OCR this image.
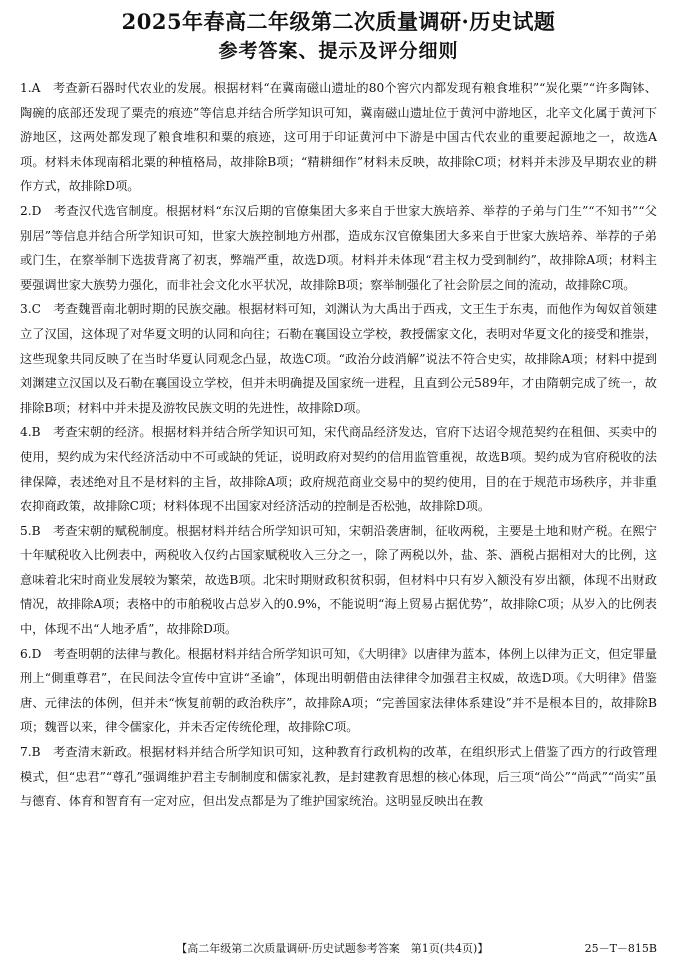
2025年春高二年级第二次质量调研·历史试题
参考答案、提示及评分细则

1.A　 考查新石器时代农业的发展。根据材料“在冀南磁山遗址的80个窖穴内都发现有粮食堆积”“炭化粟”“许多陶钵、陶碗的底部还发现了粟壳的痕迹”等信息并结合所学知识可知，冀南磁山遗址位于黄河中游地区，北辛文化属于黄河下游地区，这两处都发现了粮食堆积和粟的痕迹，这可用于印证黄河中下游是中国古代农业的重要起源地之一，故选A项。材料未体现南稻北粟的种植格局，故排除B项；“精耕细作”材料未反映，故排除C项；材料并未涉及早期农业的耕作方式，故排除D项。

2.D　 考查汉代选官制度。根据材料“东汉后期的官僚集团大多来自于世家大族培养、举荐的子弟与门生”“不知书”“父别居”等信息并结合所学知识可知，世家大族控制地方州郡，造成东汉官僚集团大多来自于世家大族培养、举荐的子弟或门生，在察举制下选拔背离了初衷，弊端严重，故选D项。材料并未体现“君主权力受到制约”，故排除A项；材料主要强调世家大族势力强化，而非社会文化水平状况，故排除B项；察举制强化了社会阶层之间的流动，故排除C项。

3.C　 考查魏晋南北朝时期的民族交融。根据材料可知，刘渊认为大禹出于西戎，文王生于东夷，而他作为匈奴首领建立了汉国，这体现了对华夏文明的认同和向往；石勒在襄国设立学校，教授儒家文化，表明对华夏文化的接受和推崇，这些现象共同反映了在当时华夏认同观念凸显，故选C项。“政治分歧消解”说法不符合史实，故排除A项；材料中提到刘渊建立汉国以及石勒在襄国设立学校，但并未明确提及国家统一进程，且直到公元589年，才由隋朝完成了统一，故排除B项；材料中并未提及游牧民族文明的先进性，故排除D项。

4.B　 考查宋朝的经济。根据材料并结合所学知识可知，宋代商品经济发达，官府下达诏令规范契约在租佃、买卖中的使用，契约成为宋代经济活动中不可或缺的凭证，说明政府对契约的信用监管重视，故选B项。契约成为官府税收的法律保障，表述绝对且不是材料的主旨，故排除A项；政府规范商业交易中的契约使用，目的在于规范市场秩序，并非重农抑商政策，故排除C项；材料体现不出国家对经济活动的控制是否松弛，故排除D项。

5.B　 考查宋朝的赋税制度。根据材料并结合所学知识可知，宋朝沿袭唐制，征收两税，主要是土地和财产税。在熙宁十年赋税收入比例表中，两税收入仅约占国家赋税收入三分之一，除了两税以外，盐、茶、酒税占据相对大的比例，这意味着北宋时商业发展较为繁荣，故选B项。北宋时期财政积贫积弱，但材料中只有岁入额没有岁出额，体现不出财政情况，故排除A项；表格中的市舶税收占总岁入的0.9%，不能说明“海上贸易占据优势”，故排除C项；从岁入的比例表中，体现不出“人地矛盾”，故排除D项。

6.D　 考查明朝的法律与教化。根据材料并结合所学知识可知，《大明律》以唐律为蓝本，体例上以律为正文，但定罪量刑上“側重尊君”，在民间法令宣传中宣讲“圣谕”，体现出明朝借由法律律令加强君主权威，故选D项。《大明律》借鉴唐、元律法的体例，但并未“恢复前朝的政治秩序”，故排除A项；“完善国家法律体系建设”并不是根本目的，故排除B项；魏晋以来，律令儒家化，并未否定传统伦理，故排除C项。

7.B　 考查清末新政。根据材料并结合所学知识可知，这种教育行政机构的改革，在组织形式上借鉴了西方的行政管理模式，但“忠君”“尊孔”强调维护君主专制制度和儒家礼教，是封建教育思想的核心体现，后三项“尚公”“尚武”“尚实”虽与德育、体育和智育有一定对应，但出发点都是为了维护国家统治。这明显反映出在教

【高二年级第二次质量调研·历史试题参考答案　第1页(共4页)】	25－T－815B
